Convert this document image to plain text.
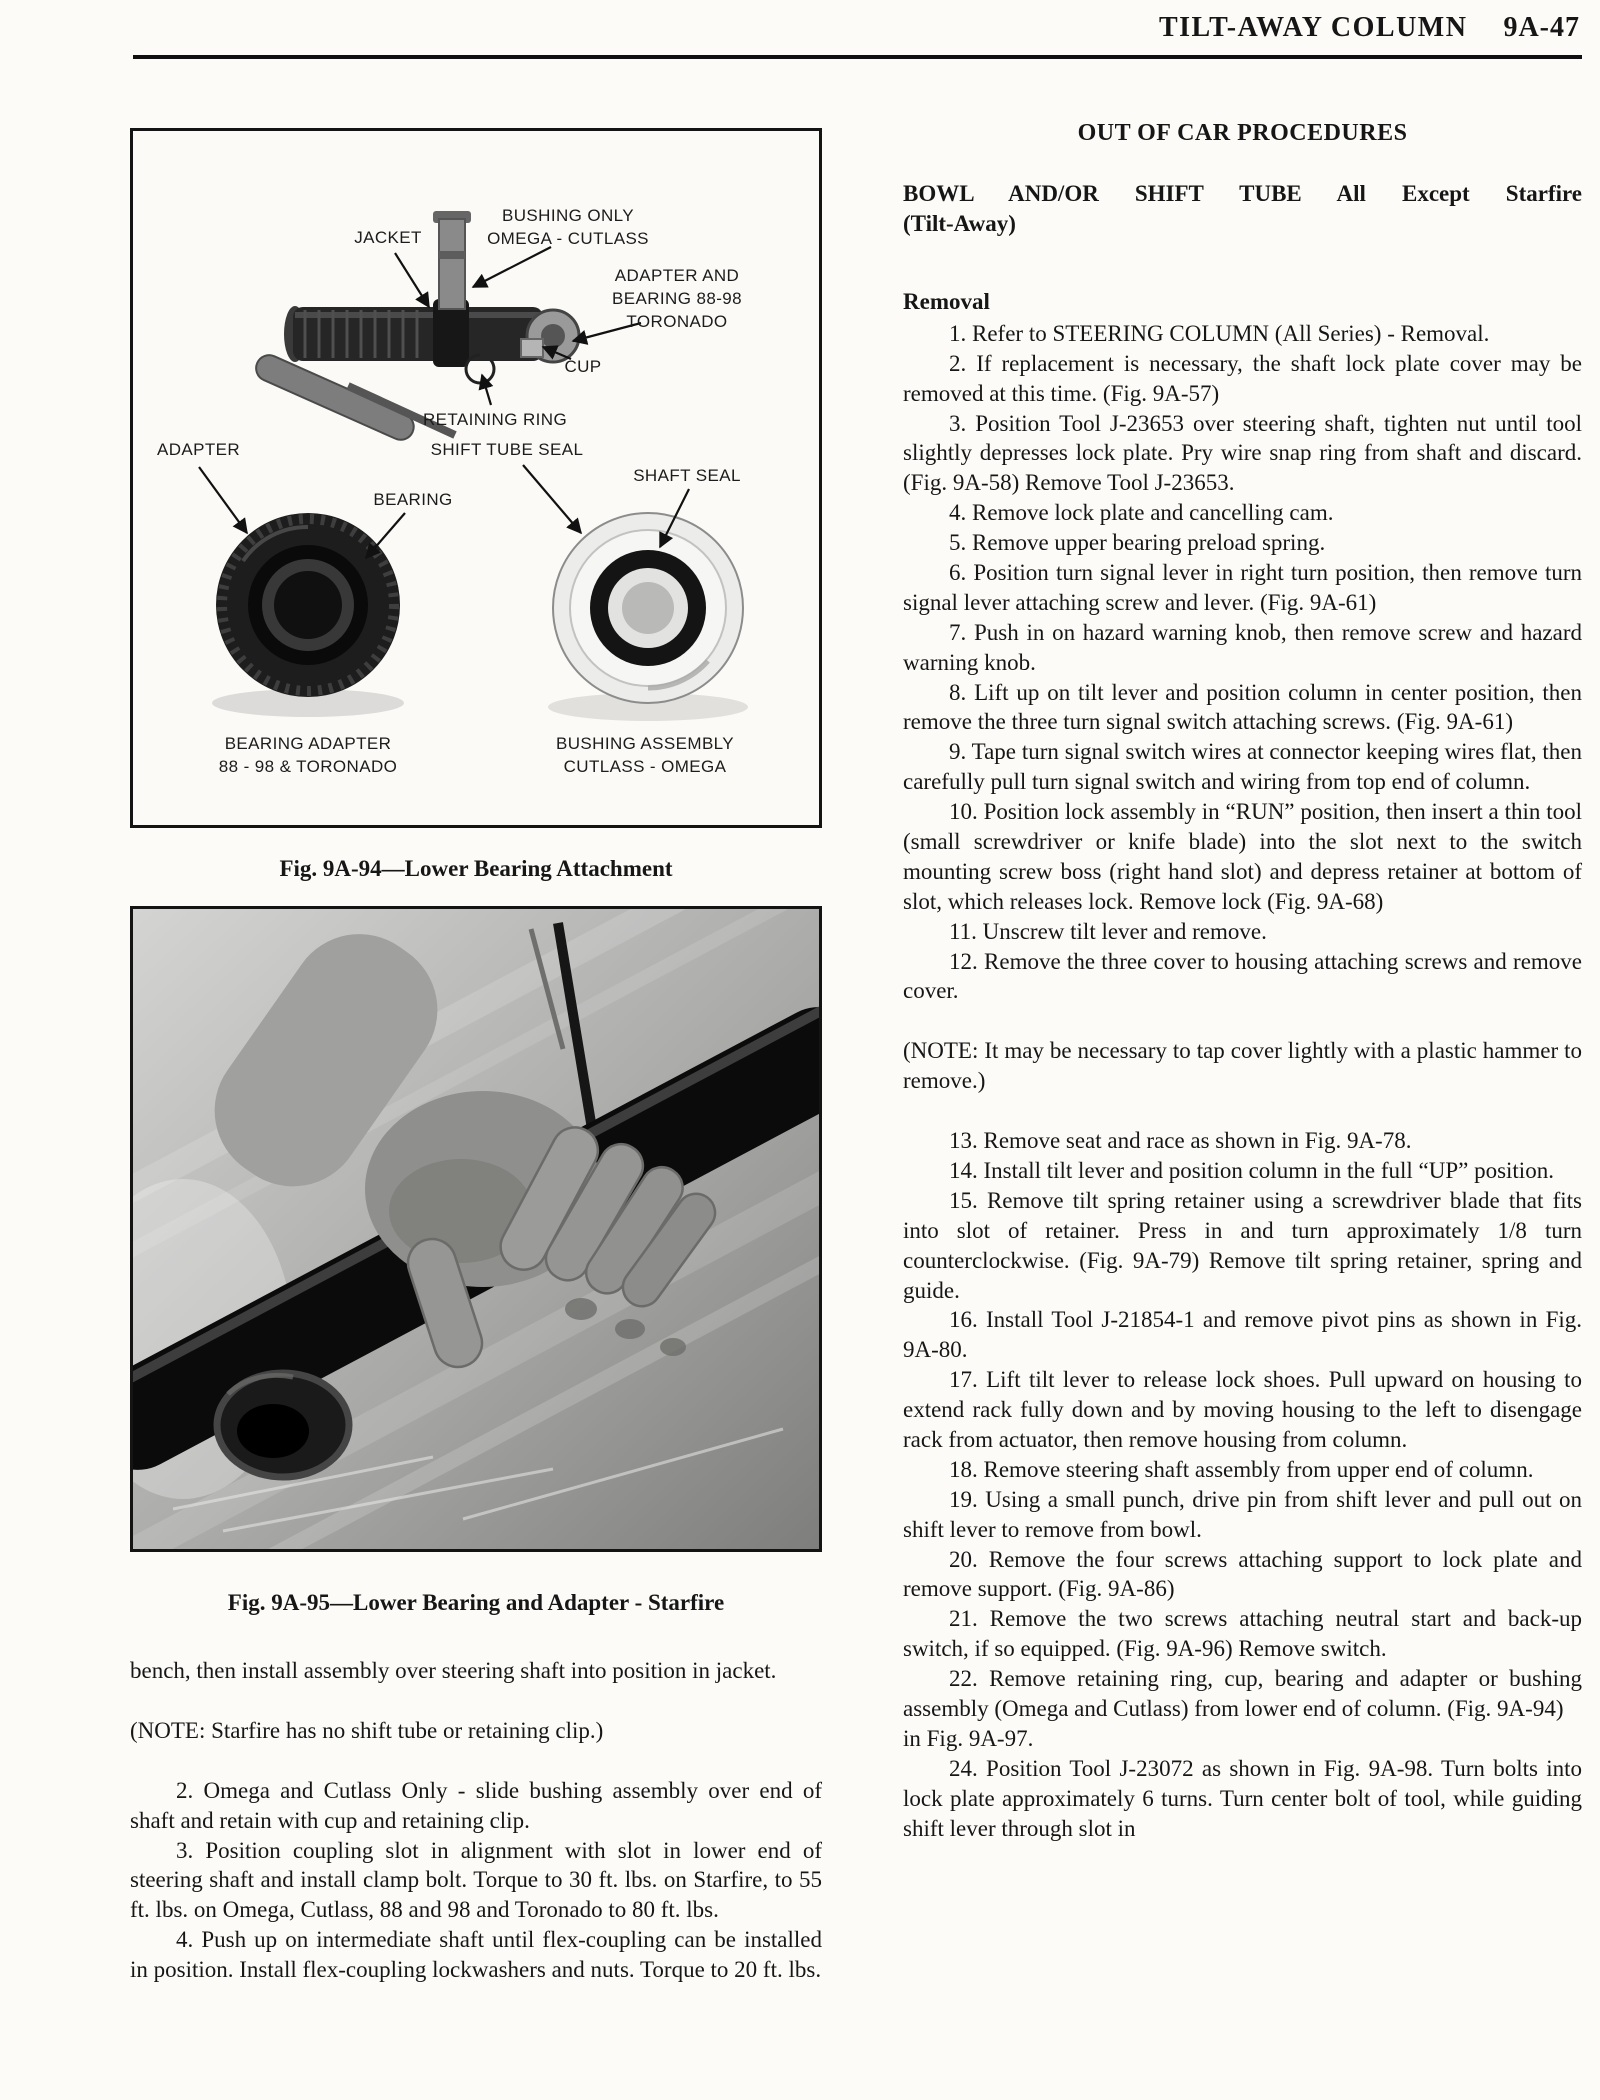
TILT-AWAY COLUMN 9A-47
JACKET
BUSHING ONLY
OMEGA - CUTLASS
ADAPTER AND
BEARING 88-98
TORONADO
CUP
RETAINING RING
ADAPTER	SHIFT TUBE SEAL
SHAFT SEAL
BEARING
BEARING ADAPTER
88 - 98 & TORONADO
BUSHING ASSEMBLY
CUTLASS - OMEGA

Fig. 9A-94—Lower Bearing Attachment

Fig. 9A-95—Lower Bearing and Adapter - Starfire

bench, then install assembly over steering shaft into position in jacket.

(NOTE: Starfire has no shift tube or retaining clip.)

2. Omega and Cutlass Only - slide bushing assembly over end of shaft and retain with cup and retaining clip.

3. Position coupling slot in alignment with slot in lower end of steering shaft and install clamp bolt. Torque to 30 ft. lbs. on Starfire, to 55 ft. lbs. on Omega, Cutlass, 88 and 98 and Toronado to 80 ft. lbs.

4. Push up on intermediate shaft until flex-coupling can be installed in position. Install flex-coupling lockwashers and nuts. Torque to 20 ft. lbs.

OUT OF CAR PROCEDURES

BOWL AND/OR SHIFT TUBE All Except Starfire
(Tilt-Away)

Removal

1. Refer to STEERING COLUMN (All Series) - Removal.

2. If replacement is necessary, the shaft lock plate cover may be removed at this time. (Fig. 9A-57)

3. Position Tool J-23653 over steering shaft, tighten nut until tool slightly depresses lock plate. Pry wire snap ring from shaft and discard. (Fig. 9A-58) Remove Tool J-23653.

4. Remove lock plate and cancelling cam.

5. Remove upper bearing preload spring.

6. Position turn signal lever in right turn position, then remove turn signal lever attaching screw and lever. (Fig. 9A-61)

7. Push in on hazard warning knob, then remove screw and hazard warning knob.

8. Lift up on tilt lever and position column in center position, then remove the three turn signal switch attaching screws. (Fig. 9A-61)

9. Tape turn signal switch wires at connector keeping wires flat, then carefully pull turn signal switch and wiring from top end of column.

10. Position lock assembly in “RUN” position, then insert a thin tool (small screwdriver or knife blade) into the slot next to the switch mounting screw boss (right hand slot) and depress retainer at bottom of slot, which releases lock. Remove lock (Fig. 9A-68)

11. Unscrew tilt lever and remove.

12. Remove the three cover to housing attaching screws and remove cover.

(NOTE: It may be necessary to tap cover lightly with a plastic hammer to remove.)

13. Remove seat and race as shown in Fig. 9A-78.

14. Install tilt lever and position column in the full “UP” position.

15. Remove tilt spring retainer using a screwdriver blade that fits into slot of retainer. Press in and turn approximately 1/8 turn counterclockwise. (Fig. 9A-79) Remove tilt spring retainer, spring and guide.

16. Install Tool J-21854-1 and remove pivot pins as shown in Fig. 9A-80.

17. Lift tilt lever to release lock shoes. Pull upward on housing to extend rack fully down and by moving housing to the left to disengage rack from actuator, then remove housing from column.

18. Remove steering shaft assembly from upper end of column.

19. Using a small punch, drive pin from shift lever and pull out on shift lever to remove from bowl.

20. Remove the four screws attaching support to lock plate and remove support. (Fig. 9A-86)

21. Remove the two screws attaching neutral start and back-up switch, if so equipped. (Fig. 9A-96) Remove switch.

22. Remove retaining ring, cup, bearing and adapter or bushing assembly (Omega and Cutlass) from lower end of column. (Fig. 9A-94)

in Fig. 9A-97.

24. Position Tool J-23072 as shown in Fig. 9A-98. Turn bolts into lock plate approximately 6 turns. Turn center bolt of tool, while guiding shift lever through slot in
